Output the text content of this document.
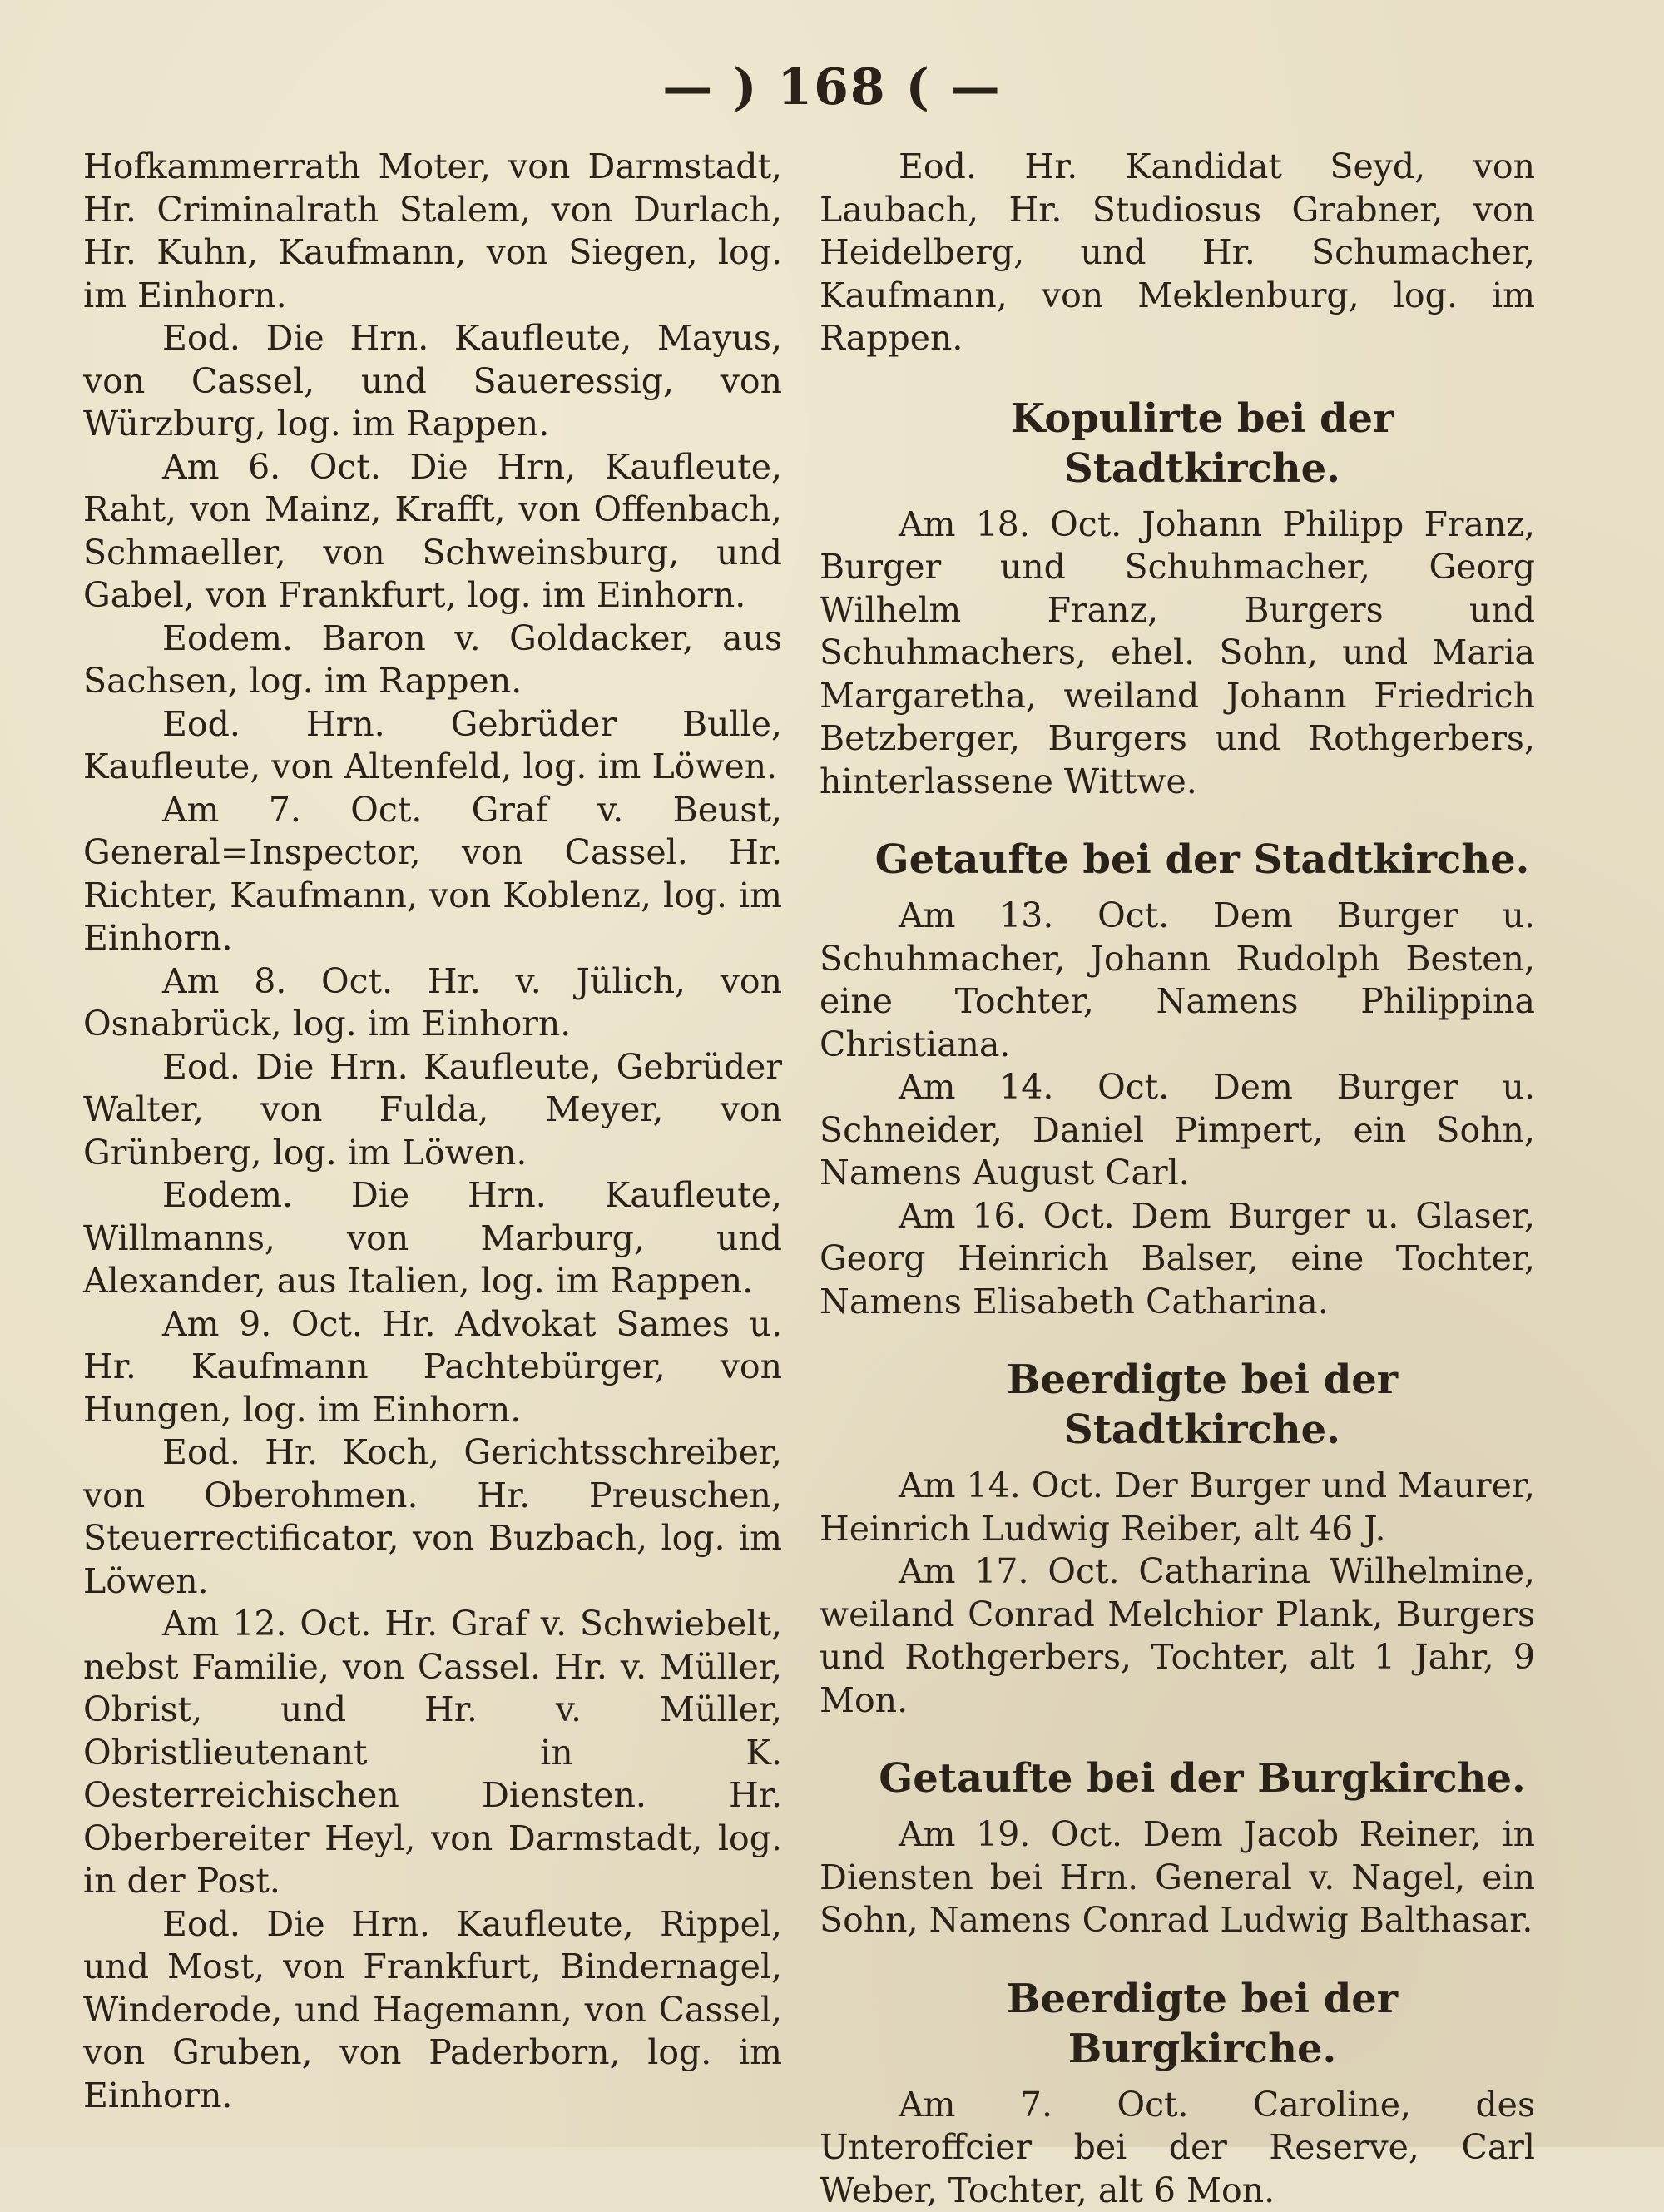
— ) 168 ( —

Hofkammerrath Moter, von Darmstadt, Hr. Criminalrath Stalem, von Durlach, Hr. Kuhn, Kaufmann, von Siegen, log. im Einhorn.

Eod. Die Hrn. Kaufleute, Mayus, von Cassel, und Saueressig, von Würzburg, log. im Rappen.

Am 6. Oct. Die Hrn, Kaufleute, Raht, von Mainz, Krafft, von Offenbach, Schmaeller, von Schweinsburg, und Gabel, von Frankfurt, log. im Einhorn.

Eodem. Baron v. Goldacker, aus Sachsen, log. im Rappen.

Eod. Hrn. Gebrüder Bulle, Kaufleute, von Altenfeld, log. im Löwen.

Am 7. Oct. Graf v. Beust, General=Inspector, von Cassel. Hr. Richter, Kaufmann, von Koblenz, log. im Einhorn.

Am 8. Oct. Hr. v. Jülich, von Osnabrück, log. im Einhorn.

Eod. Die Hrn. Kaufleute, Gebrüder Walter, von Fulda, Meyer, von Grünberg, log. im Löwen.

Eodem. Die Hrn. Kaufleute, Willmanns, von Marburg, und Alexander, aus Italien, log. im Rappen.

Am 9. Oct. Hr. Advokat Sames u. Hr. Kaufmann Pachtebürger, von Hungen, log. im Einhorn.

Eod. Hr. Koch, Gerichtsschreiber, von Oberohmen. Hr. Preuschen, Steuerrectificator, von Buzbach, log. im Löwen.

Am 12. Oct. Hr. Graf v. Schwiebelt, nebst Familie, von Cassel. Hr. v. Müller, Obrist, und Hr. v. Müller, Obristlieutenant in K. Oesterreichischen Diensten. Hr. Oberbereiter Heyl, von Darmstadt, log. in der Post.

Eod. Die Hrn. Kaufleute, Rippel, und Most, von Frankfurt, Bindernagel, Winderode, und Hagemann, von Cassel, von Gruben, von Paderborn, log. im Einhorn.

Eod. Hr. Kandidat Seyd, von Laubach, Hr. Studiosus Grabner, von Heidelberg, und Hr. Schumacher, Kaufmann, von Meklenburg, log. im Rappen.

Kopulirte bei der Stadtkirche.

Am 18. Oct. Johann Philipp Franz, Burger und Schuhmacher, Georg Wilhelm Franz, Burgers und Schuhmachers, ehel. Sohn, und Maria Margaretha, weiland Johann Friedrich Betzberger, Burgers und Rothgerbers, hinterlassene Wittwe.

Getaufte bei der Stadtkirche.

Am 13. Oct. Dem Burger u. Schuhmacher, Johann Rudolph Besten, eine Tochter, Namens Philippina Christiana.

Am 14. Oct. Dem Burger u. Schneider, Daniel Pimpert, ein Sohn, Namens August Carl.

Am 16. Oct. Dem Burger u. Glaser, Georg Heinrich Balser, eine Tochter, Namens Elisabeth Catharina.

Beerdigte bei der Stadtkirche.

Am 14. Oct. Der Burger und Maurer, Heinrich Ludwig Reiber, alt 46 J.

Am 17. Oct. Catharina Wilhelmine, weiland Conrad Melchior Plank, Burgers und Rothgerbers, Tochter, alt 1 Jahr, 9 Mon.

Getaufte bei der Burgkirche.

Am 19. Oct. Dem Jacob Reiner, in Diensten bei Hrn. General v. Nagel, ein Sohn, Namens Conrad Ludwig Balthasar.

Beerdigte bei der Burgkirche.

Am 7. Oct. Caroline, des Unteroffcier bei der Reserve, Carl Weber, Tochter, alt 6 Mon.
